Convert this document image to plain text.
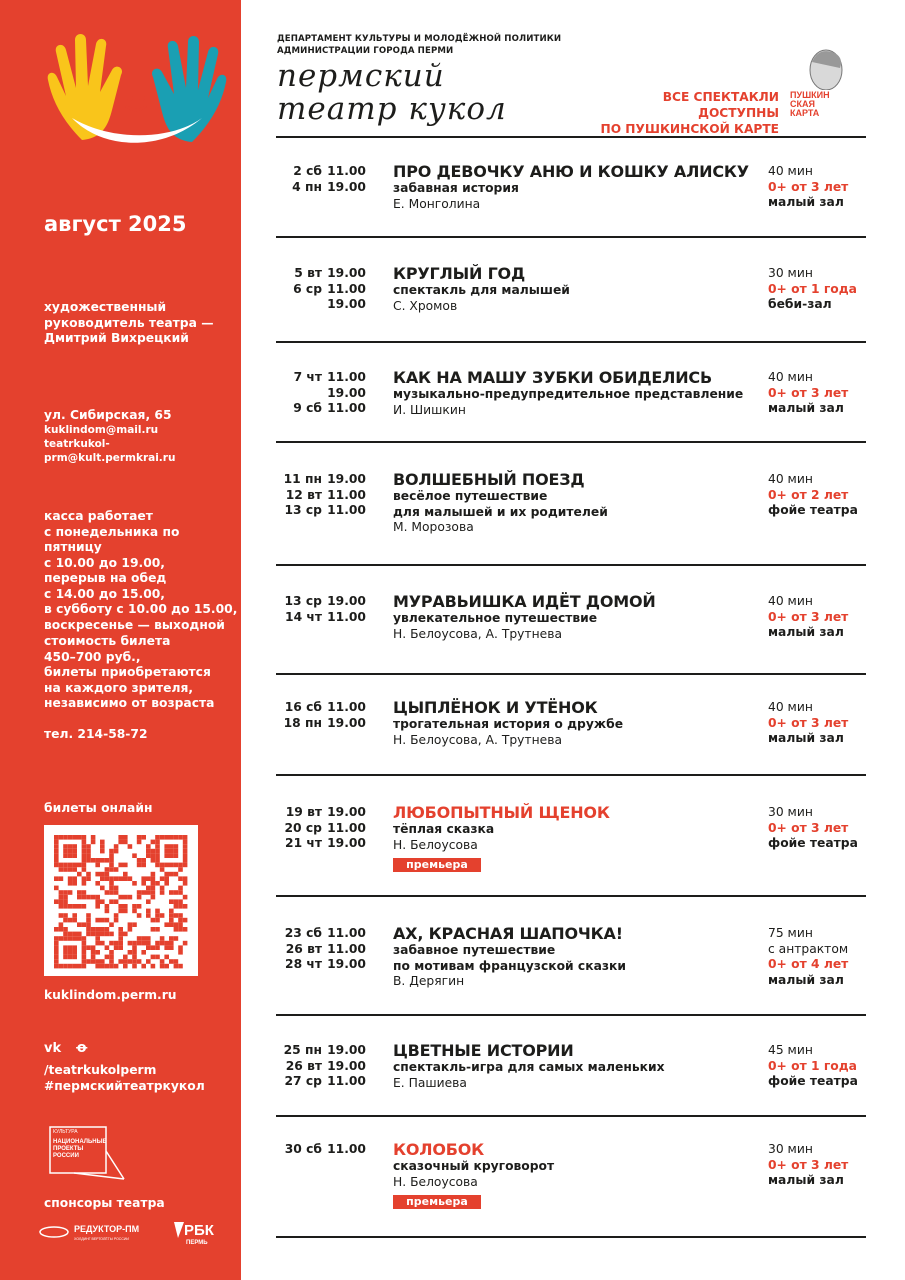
август 2025
художественный
руководитель театра —
Дмитрий Вихрецкий
ул. Сибирская, 65
kuklindom@mail.ru
teatrkukol-prm@kult.permkrai.ru
касса работает
с понедельника по пятницу
с 10.00 до 19.00,
перерыв на обед
с 14.00 до 15.00,
в субботу с 10.00 до 15.00,
воскресенье — выходной
стоимость билета
450–700 руб.,
билеты приобретаются
на каждого зрителя,
независимо от возраста
тел. 214-58-72
билеты онлайн
kuklindom.perm.ru
vk ꝋ
/teatrkukolperm
#пермскийтеатркукол
КУЛЬТУРА
НАЦИОНАЛЬНЫЕ
ПРОЕКТЫ
РОССИИ
спонсоры театра
РЕДУКТОР-ПМ
ХОЛДИНГ ВЕРТОЛЁТЫ РОССИИ	РБК
ПЕРМЬ
ДЕПАРТАМЕНТ КУЛЬТУРЫ И МОЛОДЁЖНОЙ ПОЛИТИКИ
АДМИНИСТРАЦИИ ГОРОДА ПЕРМИ
пермский
театр кукол	ВСЕ СПЕКТАКЛИ ДОСТУПНЫ
ПО ПУШКИНСКОЙ КАРТЕ
ПУШКИН
СКАЯ
КАРТА
2 сб
4 пн
11.00
19.00
ПРО ДЕВОЧКУ АНЮ И КОШКУ АЛИСКУ
забавная история
Е. Монголина
40 мин
0+ от 3 лет
малый зал
5 вт
6 ср

19.00
11.00
19.00
КРУГЛЫЙ ГОД
спектакль для малышей
С. Хромов
30 мин
0+ от 1 года
беби-зал
7 чт

9 сб
11.00
19.00
11.00
КАК НА МАШУ ЗУБКИ ОБИДЕЛИСЬ
музыкально-предупредительное представление
И. Шишкин
40 мин
0+ от 3 лет
малый зал
11 пн
12 вт
13 ср
19.00
11.00
11.00
ВОЛШЕБНЫЙ ПОЕЗД
весёлое путешествие
для малышей и их родителей
М. Морозова
40 мин
0+ от 2 лет
фойе театра
13 ср
14 чт
19.00
11.00
МУРАВЬИШКА ИДЁТ ДОМОЙ
увлекательное путешествие
Н. Белоусова, А. Трутнева
40 мин
0+ от 3 лет
малый зал
16 сб
18 пн
11.00
19.00
ЦЫПЛЁНОК И УТЁНОК
трогательная история о дружбе
Н. Белоусова, А. Трутнева
40 мин
0+ от 3 лет
малый зал
19 вт
20 ср
21 чт
19.00
11.00
19.00
ЛЮБОПЫТНЫЙ ЩЕНОК
тёплая сказка
Н. Белоусова
премьера
30 мин
0+ от 3 лет
фойе театра
23 сб
26 вт
28 чт
11.00
11.00
19.00
АХ, КРАСНАЯ ШАПОЧКА!
забавное путешествие
по мотивам французской сказки
В. Дерягин
75 мин
с антрактом
0+ от 4 лет
малый зал
25 пн
26 вт
27 ср
19.00
19.00
11.00
ЦВЕТНЫЕ ИСТОРИИ
спектакль-игра для самых маленьких
Е. Пашиева
45 мин
0+ от 1 года
фойе театра
30 сб 11.00 КОЛОБОК
сказочный круговорот
Н. Белоусова
премьера
30 мин
0+ от 3 лет
малый зал
